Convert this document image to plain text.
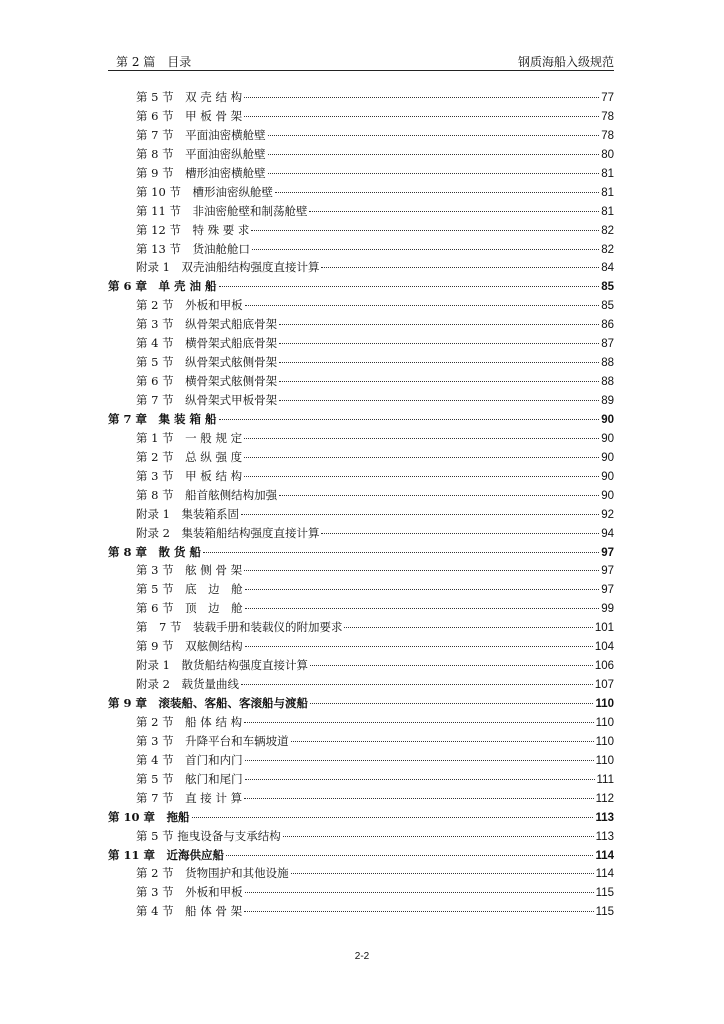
第 2 篇　目录	钢质海船入级规范
第 5 节　双 壳 结 构	77
第 6 节　甲 板 骨 架	78
第 7 节　平面油密横舱壁	78
第 8 节　平面油密纵舱壁	80
第 9 节　槽形油密横舱壁	81
第 10 节　槽形油密纵舱壁	81
第 11 节　非油密舱壁和制荡舱壁	81
第 12 节　特 殊 要 求	82
第 13 节　货油舱舱口	82
附录 1　双壳油船结构强度直接计算	84
第 6 章　单 壳 油 船	85
第 2 节　外板和甲板	85
第 3 节　纵骨架式船底骨架	86
第 4 节　横骨架式船底骨架	87
第 5 节　纵骨架式舷侧骨架	88
第 6 节　横骨架式舷侧骨架	88
第 7 节　纵骨架式甲板骨架	89
第 7 章　集 装 箱 船	90
第 1 节　一 般 规 定	90
第 2 节　总 纵 强 度	90
第 3 节　甲 板 结 构	90
第 8 节　船首舷侧结构加强	90
附录 1　集装箱系固	92
附录 2　集装箱船结构强度直接计算	94
第 8 章　散 货 船	97
第 3 节　舷 侧 骨 架	97
第 5 节　底　边　舱	97
第 6 节　顶　边　舱	99
第　7 节　装载手册和装载仪的附加要求	101
第 9 节　双舷侧结构	104
附录 1　散货船结构强度直接计算	106
附录 2　载货量曲线	107
第 9 章　滚装船、客船、客滚船与渡船	110
第 2 节　船 体 结 构	110
第 3 节　升降平台和车辆坡道	110
第 4 节　首门和内门	110
第 5 节　舷门和尾门	111
第 7 节　直 接 计 算	112
第 10 章　拖船	113
第 5 节 拖曳设备与支承结构	113
第 11 章　近海供应船	114
第 2 节　货物围护和其他设施	114
第 3 节　外板和甲板	115
第 4 节　船 体 骨 架	115
2-2
